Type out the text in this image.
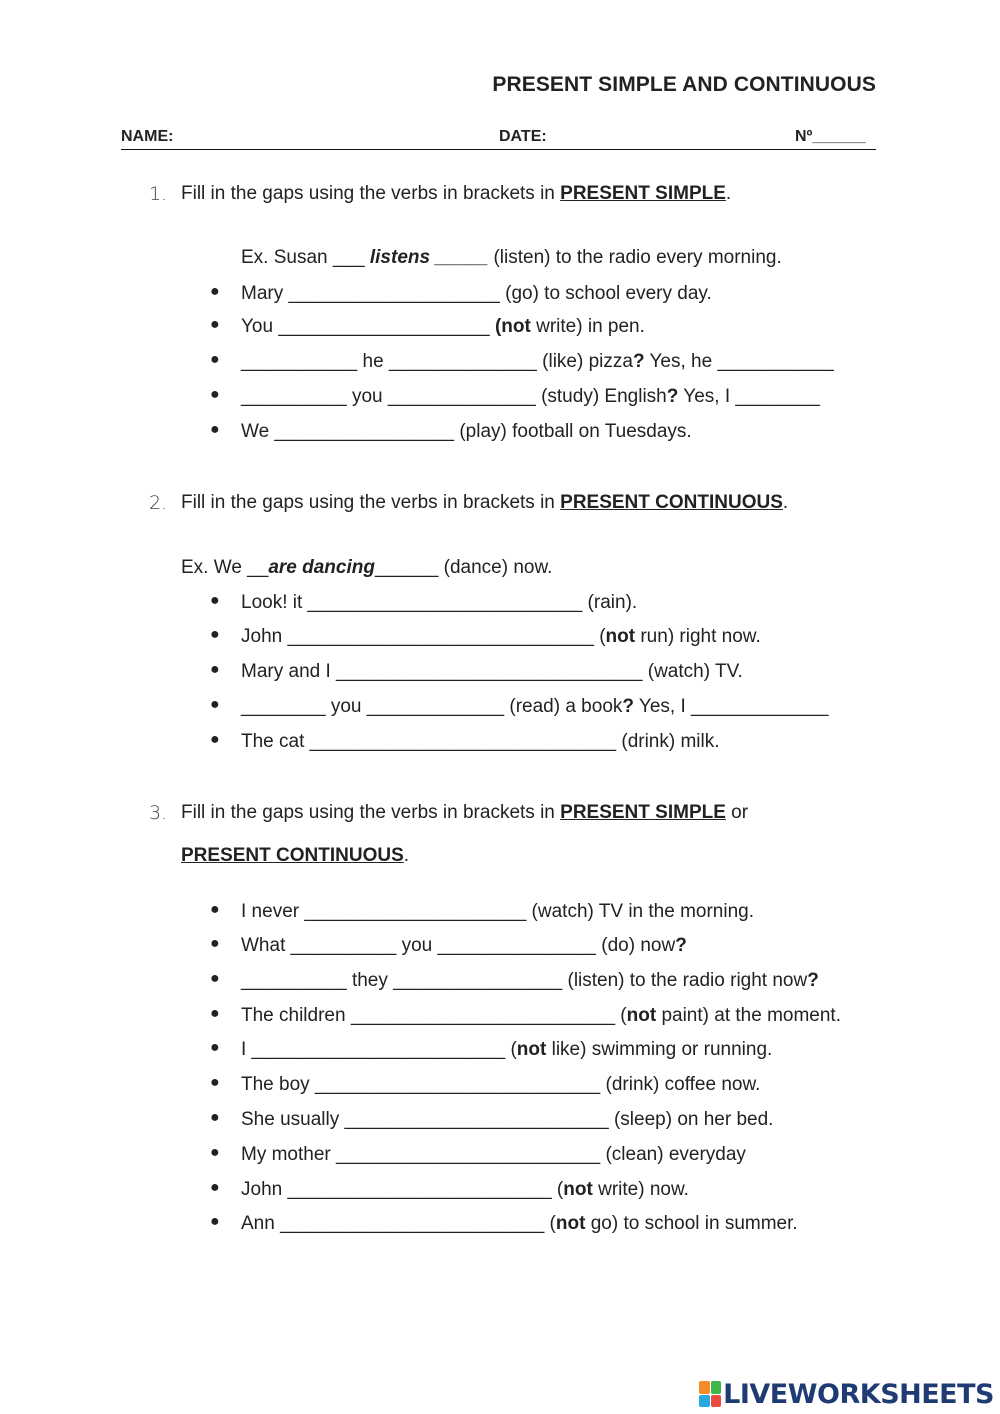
PRESENT SIMPLE AND CONTINUOUS
NAME:	DATE:	Nº______
1. Fill in the gaps using the verbs in brackets in PRESENT SIMPLE.
Ex. Susan ___ listens _____ (listen) to the radio every morning.
● Mary ____________________ (go) to school every day.
● You ____________________ (not write) in pen.
● ___________ he ______________ (like) pizza? Yes, he ___________
● __________ you ______________ (study) English? Yes, I ________
● We _________________ (play) football on Tuesdays.
2. Fill in the gaps using the verbs in brackets in PRESENT CONTINUOUS.
Ex. We __are dancing______ (dance) now.
● Look! it __________________________ (rain).
● John _____________________________ (not run) right now.
● Mary and I _____________________________ (watch) TV.
● ________ you _____________ (read) a book? Yes, I _____________
● The cat _____________________________ (drink) milk.
3. Fill in the gaps using the verbs in brackets in PRESENT SIMPLE or
PRESENT CONTINUOUS.
● I never _____________________ (watch) TV in the morning.
● What __________ you _______________ (do) now?
● __________ they ________________ (listen) to the radio right now?
● The children _________________________ (not paint) at the moment.
● I ________________________ (not like) swimming or running.
● The boy ___________________________ (drink) coffee now.
● She usually _________________________ (sleep) on her bed.
● My mother _________________________ (clean) everyday
● John _________________________ (not write) now.
● Ann _________________________ (not go) to school in summer.
LIVEWORKSHEETS
